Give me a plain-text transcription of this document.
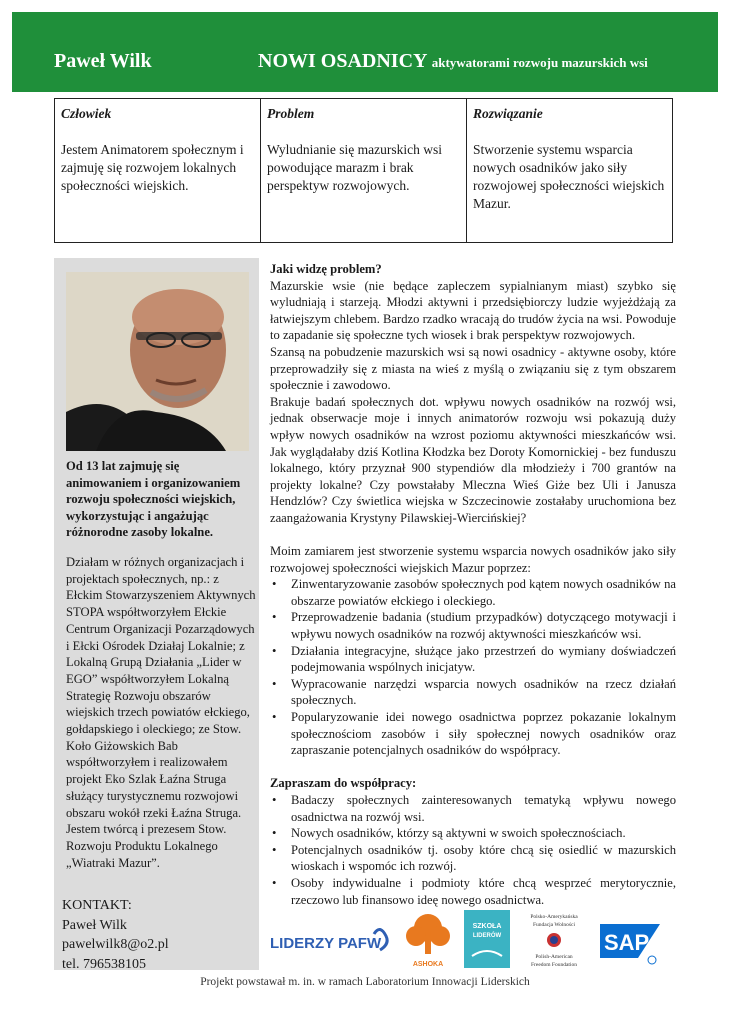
Paweł Wilk	NOWI OSADNICY aktywatorami rozwoju mazurskich wsi
Człowiek
Jestem Animatorem społecznym i zajmuję się rozwojem lokalnych społeczności wiejskich.
Problem
Wyludnianie się mazurskich wsi powodujące marazm i brak perspektyw rozwojowych.
Rozwiązanie
Stworzenie systemu wsparcia nowych osadników jako siły rozwojowej społeczności wiejskich Mazur.
Od 13 lat zajmuję się animowaniem i organizowaniem rozwoju społeczności wiejskich, wykorzystując i angażując różnorodne zasoby lokalne.
Działam w różnych organizacjach i projektach społecznych, np.: z Ełckim Stowarzyszeniem Aktywnych STOPA współtworzyłem Ełckie Centrum Organizacji Pozarządowych i Ełcki Ośrodek Działaj Lokalnie; z Lokalną Grupą Działania „Lider w EGO” współtworzyłem Lokalną Strategię Rozwoju obszarów wiejskich trzech powiatów ełckiego, gołdapskiego i oleckiego; ze Stow. Koło Giżowskich Bab współtworzyłem i realizowałem projekt Eko Szlak Łaźna Struga służący turystycznemu rozwojowi obszaru wokół rzeki Łaźna Struga. Jestem twórcą i prezesem Stow. Rozwoju Produktu Lokalnego „Wiatraki Mazur”.
KONTAKT:
Paweł Wilk
pawelwilk8@o2.pl
tel. 796538105

Jaki widzę problem?

Mazurskie wsie (nie będące zapleczem sypialnianym miast) szybko się wyludniają i starzeją. Młodzi aktywni i przedsiębiorczy ludzie wyjeżdżają za łatwiejszym chlebem. Bardzo rzadko wracają do trudów życia na wsi. Powoduje to zapadanie się społeczne tych wiosek i brak perspektyw rozwojowych.

Szansą na pobudzenie mazurskich wsi są nowi osadnicy - aktywne osoby, które przeprowadziły się z miasta na wieś z myślą o związaniu się z tym obszarem społecznie i zawodowo.

Brakuje badań społecznych dot. wpływu nowych osadników na rozwój wsi, jednak obserwacje moje i innych animatorów rozwoju wsi pokazują duży wpływ nowych osadników na wzrost poziomu aktywności mieszkańców wsi. Jak wyglądałaby dziś Kotlina Kłodzka bez Doroty Komornickiej - bez funduszu lokalnego, który przyznał 900 stypendiów dla młodzieży i 700 grantów na projekty lokalne? Czy powstałaby Mleczna Wieś Giże bez Uli i Janusza Hendzlów? Czy świetlica wiejska w Szczecinowie zostałaby uruchomiona bez zaangażowania Krystyny Pilawskiej-Wiercińskiej?

Moim zamiarem jest stworzenie systemu wsparcia nowych osadników jako siły rozwojowej społeczności wiejskich Mazur poprzez:

• Zinwentaryzowanie zasobów społecznych pod kątem nowych osadników na obszarze powiatów ełckiego i oleckiego.
• Przeprowadzenie badania (studium przypadków) dotyczącego motywacji i wpływu nowych osadników na rozwój aktywności mieszkańców wsi.
• Działania integracyjne, służące jako przestrzeń do wymiany doświadczeń podejmowania wspólnych inicjatyw.
• Wypracowanie narzędzi wsparcia nowych osadników na rzecz działań społecznych.
• Popularyzowanie idei nowego osadnictwa poprzez pokazanie lokalnym społecznościom zasobów i siły społecznej nowych osadników oraz zapraszanie potencjalnych osadników do współpracy.

Zapraszam do współpracy:

• Badaczy społecznych zainteresowanych tematyką wpływu nowego osadnictwa na rozwój wsi.
• Nowych osadników, którzy są aktywni w swoich społecznościach.
• Potencjalnych osadników tj. osoby które chcą się osiedlić w mazurskich wioskach i wspomóc ich rozwój.
• Osoby indywidualne i podmioty które chcą wesprzeć merytorycznie, rzeczowo lub finansowo ideę nowego osadnictwa.
LIDERZY PAFW
ASHOKA
SZKOŁA
LIDERÓW
Polsko-Amerykańska
Fundacja Wolności
Polish-American
Freedom Foundation
SAP
Projekt powstawał m. in. w ramach Laboratorium Innowacji Liderskich
